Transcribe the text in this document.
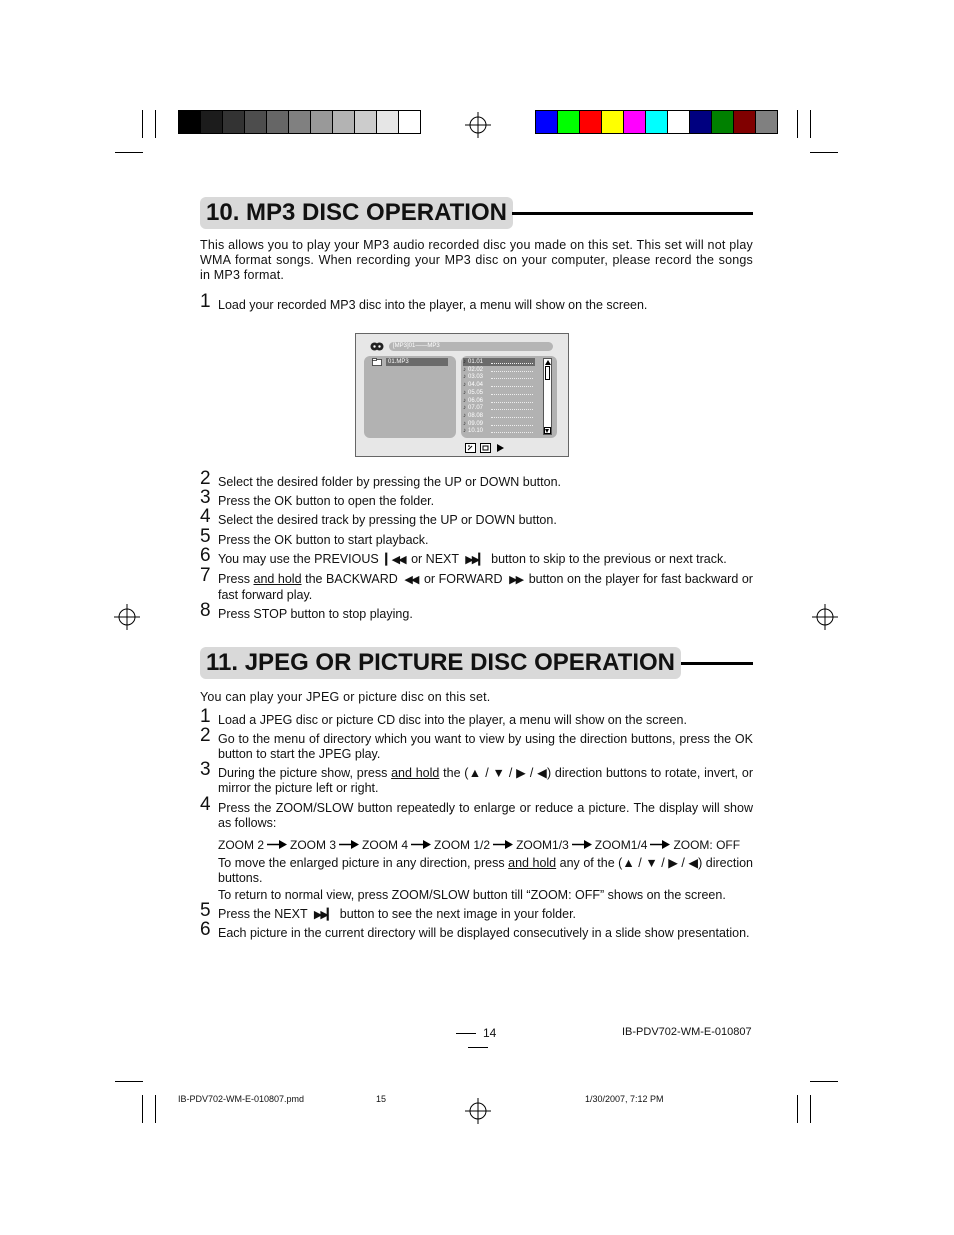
10. MP3 DISC OPERATION
This allows you to play your MP3 audio recorded disc you made on this set. This set will not play WMA format songs. When recording your MP3 disc on your computer, please record the songs in MP3 format.
1 Load your recorded MP3 disc into the player, a menu will show on the screen.
[MP3]01——MP3
01.MP3	♪ 01.01
♪ 02.02
♪ 03.03
♪ 04.04
♪ 05.05
♪ 06.06
♪ 07.07
♪ 08.08
♪ 09.09
♪ 10.10
2 Select the desired folder by pressing the UP or DOWN button.
3 Press the OK button to open the folder.
4 Select the desired track by pressing the UP or DOWN button.
5 Press the OK button to start playback.
6 You may use the PREVIOUS ▎◀◀ or NEXT ▶▶▎ button to skip to the previous or next track.
7 Press and hold the BACKWARD ◀◀ or FORWARD ▶▶ button on the player for fast backward or fast forward play.
8 Press STOP button to stop playing.
11. JPEG OR PICTURE DISC OPERATION
You can play your JPEG or picture disc on this set.
1 Load a JPEG disc or picture CD disc into the player, a menu will show on the screen.
2 Go to the menu of directory which you want to view by using the direction buttons, press the OK button to start the JPEG play.
3 During the picture show, press and hold the (▲ / ▼ / ▶ / ◀) direction buttons to rotate, invert, or mirror the picture left or right.
4 Press the ZOOM/SLOW button repeatedly to enlarge or reduce a picture. The display will show as follows:
ZOOM 2 ZOOM 3 ZOOM 4 ZOOM 1/2 ZOOM1/3 ZOOM1/4 ZOOM: OFF
To move the enlarged picture in any direction, press and hold any of the (▲ / ▼ / ▶ / ◀) direction buttons.
To return to normal view, press ZOOM/SLOW button till “ZOOM: OFF” shows on the screen.
5 Press the NEXT ▶▶▎ button to see the next image in your folder.
6 Each picture in the current directory will be displayed consecutively in a slide show presentation.
14	IB-PDV702-WM-E-010807
IB-PDV702-WM-E-010807.pmd	15	1/30/2007, 7:12 PM
